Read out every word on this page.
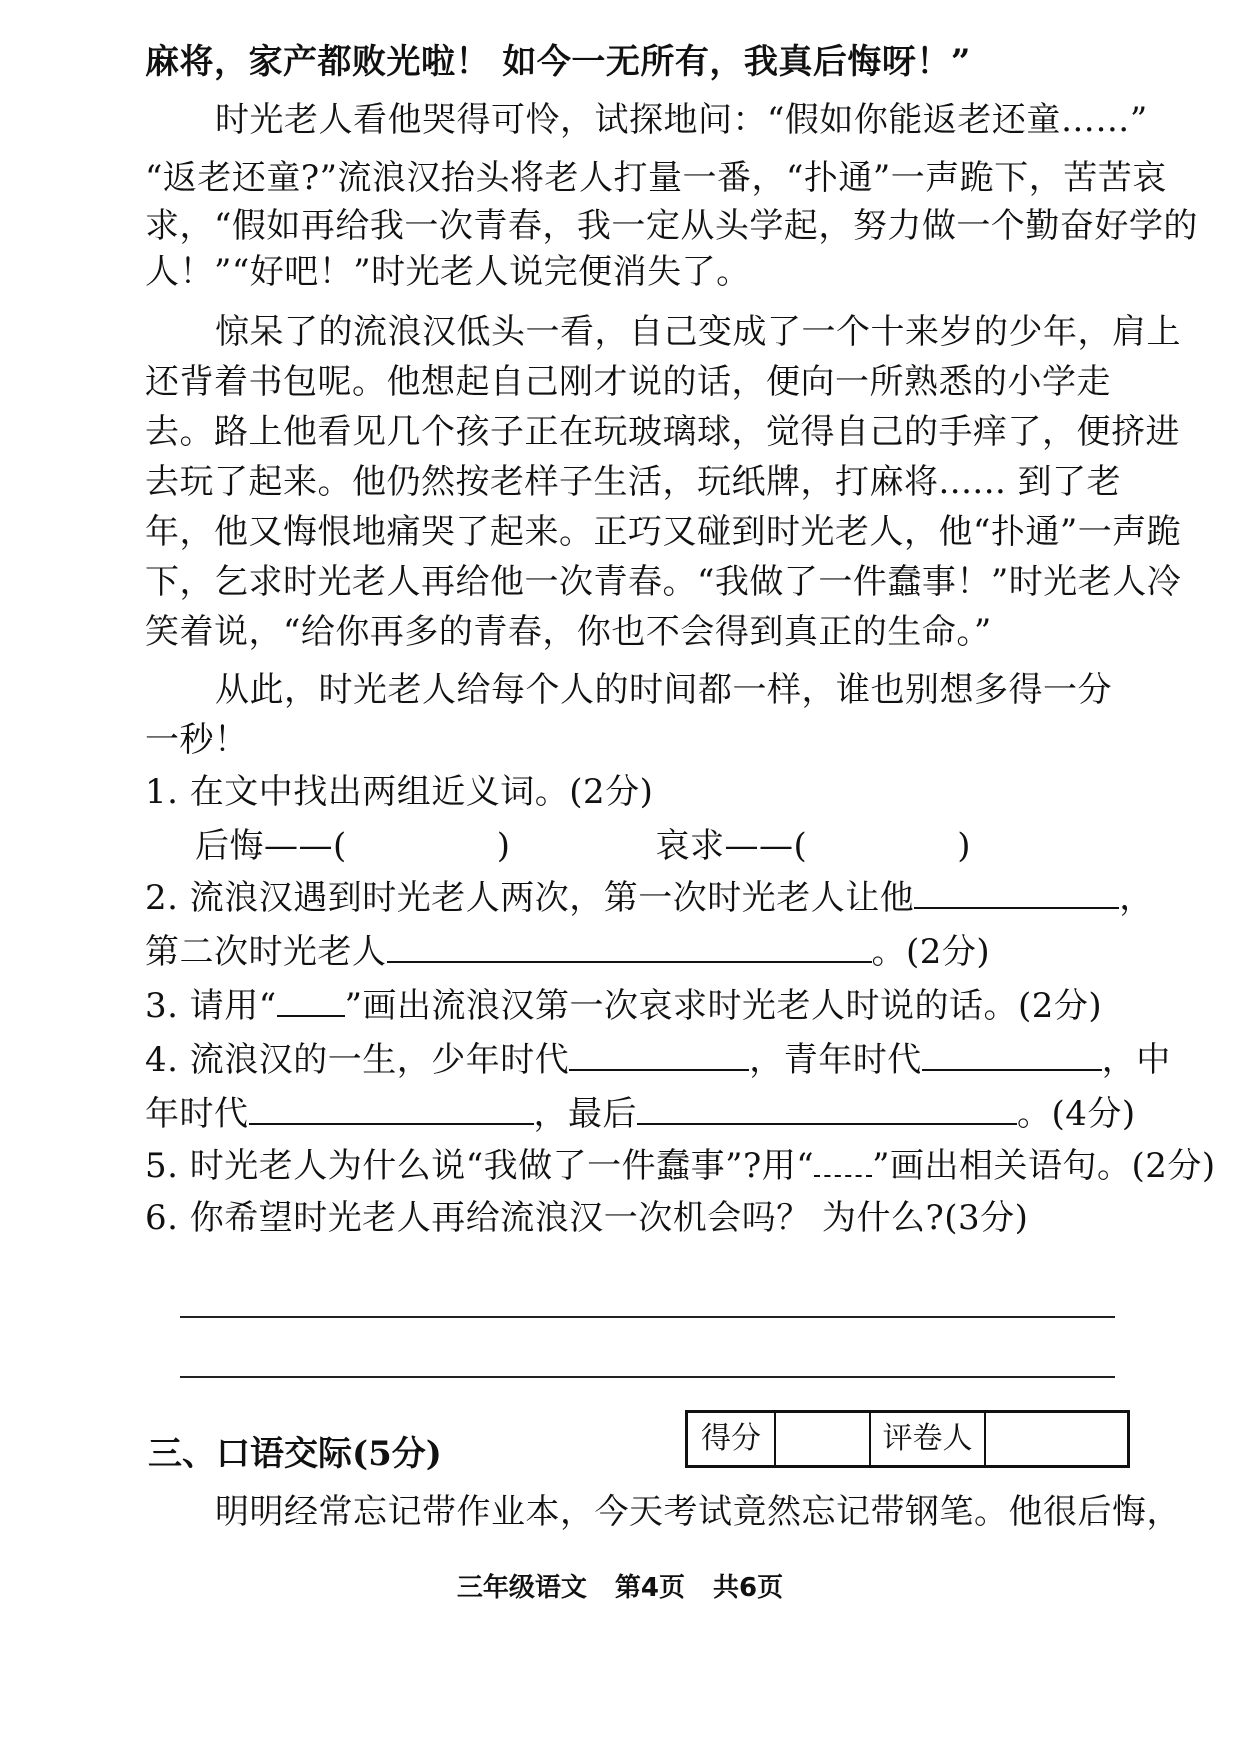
麻将，家产都败光啦！ 如今一无所有，我真后悔呀！”
时光老人看他哭得可怜，试探地问：“假如你能返老还童……”
“返老还童?”流浪汉抬头将老人打量一番，“扑通”一声跪下，苦苦哀
求，“假如再给我一次青春，我一定从头学起，努力做一个勤奋好学的
人！”“好吧！”时光老人说完便消失了。
惊呆了的流浪汉低头一看，自己变成了一个十来岁的少年，肩上
还背着书包呢。他想起自己刚才说的话，便向一所熟悉的小学走
去。路上他看见几个孩子正在玩玻璃球，觉得自己的手痒了，便挤进
去玩了起来。他仍然按老样子生活，玩纸牌，打麻将...... 到了老
年，他又悔恨地痛哭了起来。正巧又碰到时光老人，他“扑通”一声跪
下，乞求时光老人再给他一次青春。“我做了一件蠢事！”时光老人冷
笑着说，“给你再多的青春，你也不会得到真正的生命。”
从此，时光老人给每个人的时间都一样，谁也别想多得一分
一秒！
1. 在文中找出两组近义词。(2分)
后悔——(	)	哀求——(	)
2. 流浪汉遇到时光老人两次，第一次时光老人让他	，
第二次时光老人	。(2分)
3. 请用“ ”画出流浪汉第一次哀求时光老人时说的话。(2分)
4. 流浪汉的一生，少年时代	，青年时代	，中
年时代	，最后	。(4分)
5. 时光老人为什么说“我做了一件蠢事”?用“ ”画出相关语句。(2分)
6. 你希望时光老人再给流浪汉一次机会吗？ 为什么?(3分)
三、口语交际(5分)	得分	评卷人
明明经常忘记带作业本，今天考试竟然忘记带钢笔。他很后悔，
三年级语文 第4页 共6页
